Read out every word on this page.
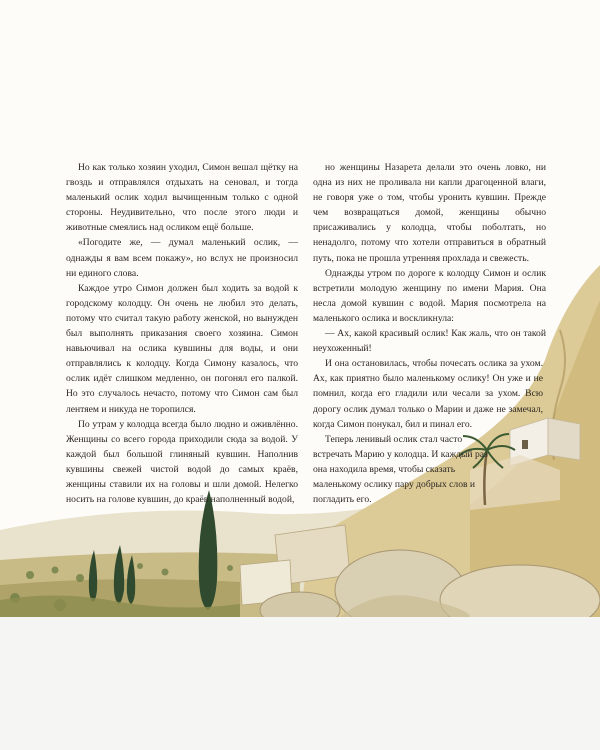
Но как только хозяин уходил, Симон вешал щётку на гвоздь и отправлялся отдыхать на сеновал, и тогда маленький ослик ходил вычищенным только с одной стороны. Неудивительно, что после этого люди и животные смеялись над осликом ещё больше.

«Погодите же, — думал маленький ослик, — однажды я вам всем покажу», но вслух не произносил ни единого слова.

Каждое утро Симон должен был ходить за водой к городскому колодцу. Он очень не любил это делать, потому что считал такую работу женской, но вынужден был выполнять приказания своего хозяина. Симон навьючивал на ослика кувшины для воды, и они отправлялись к колодцу. Когда Симону казалось, что ослик идёт слишком медленно, он погонял его палкой. Но это случалось нечасто, потому что Симон сам был лентяем и никуда не торопился.

По утрам у колодца всегда было людно и оживлённо. Женщины со всего города приходили сюда за водой. У каждой был большой глиняный кувшин. Наполнив кувшины свежей чистой водой до самых краёв, женщины ставили их на головы и шли домой. Нелегко носить на голове кувшин, до краёв наполненный водой,

но женщины Назарета делали это очень ловко, ни одна из них не проливала ни капли драгоценной влаги, не говоря уже о том, чтобы уронить кувшин. Прежде чем возвращаться домой, женщины обычно присаживались у колодца, чтобы поболтать, но ненадолго, потому что хотели отправиться в обратный путь, пока не прошла утренняя прохлада и свежесть.

Однажды утром по дороге к колодцу Симон и ослик встретили молодую женщину по имени Мария. Она несла домой кувшин с водой. Мария посмотрела на маленького ослика и воскликнула:

— Ах, какой красивый ослик! Как жаль, что он такой неухоженный!

И она остановилась, чтобы почесать ослика за ухом. Ах, как приятно было маленькому ослику! Он уже и не помнил, когда его гладили или чесали за ухом. Всю дорогу ослик думал только о Марии и даже не замечал, когда Симон понукал, бил и пинал его.

Теперь ленивый ослик стал часто встречать Марию у колодца. И каждый раз она находила время, чтобы сказать маленькому ослику пару добрых слов и погладить его.
